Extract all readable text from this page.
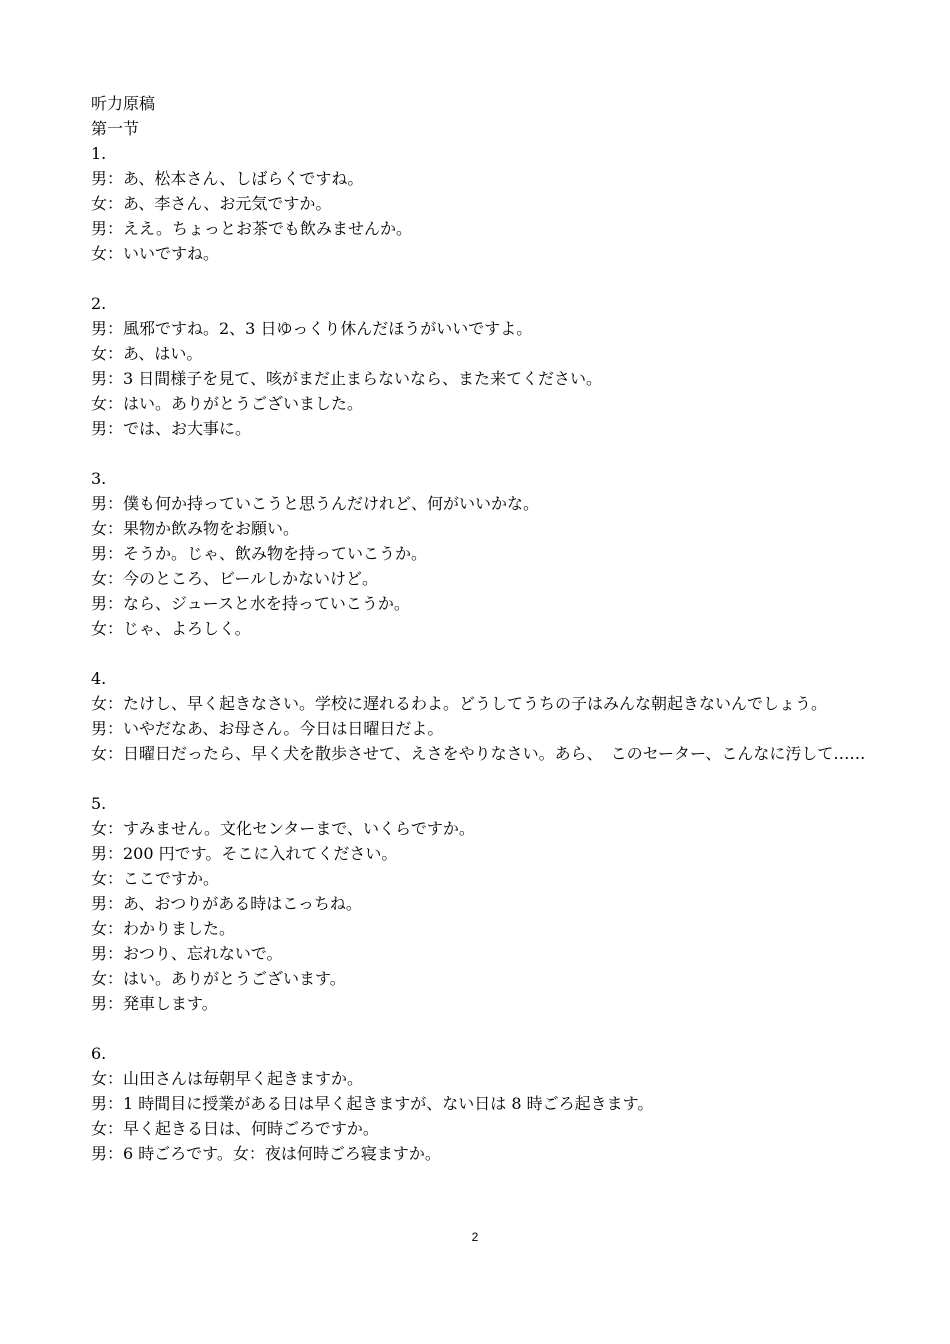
听力原稿
第一节
1.
男：あ、松本さん、しばらくですね。
女：あ、李さん、お元気ですか。
男：ええ。ちょっとお茶でも飲みませんか。
女：いいですね。
2.
男：風邪ですね。2、3 日ゆっくり休んだほうがいいですよ。
女：あ、はい。
男：3 日間様子を見て、咳がまだ止まらないなら、また来てください。
女：はい。ありがとうございました。
男：では、お大事に。
3.
男：僕も何か持っていこうと思うんだけれど、何がいいかな。
女：果物か飲み物をお願い。
男：そうか。じゃ、飲み物を持っていこうか。
女：今のところ、ビールしかないけど。
男：なら、ジュースと水を持っていこうか。
女：じゃ、よろしく。
4.
女：たけし、早く起きなさい。学校に遅れるわよ。どうしてうちの子はみんな朝起きないんでしょう。
男：いやだなあ、お母さん。今日は日曜日だよ。
女：日曜日だったら、早く犬を散歩させて、えさをやりなさい。あら、　このセーター、こんなに汚して‥‥‥
5.
女：すみません。文化センターまで、いくらですか。
男：200 円です。そこに入れてください。
女：ここですか。
男：あ、おつりがある時はこっちね。
女：わかりました。
男：おつり、忘れないで。
女：はい。ありがとうございます。
男：発車します。
6.
女：山田さんは毎朝早く起きますか。
男：1 時間目に授業がある日は早く起きますが、ない日は 8 時ごろ起きます。
女：早く起きる日は、何時ごろですか。
男：6 時ごろです。女：夜は何時ごろ寝ますか。
2
